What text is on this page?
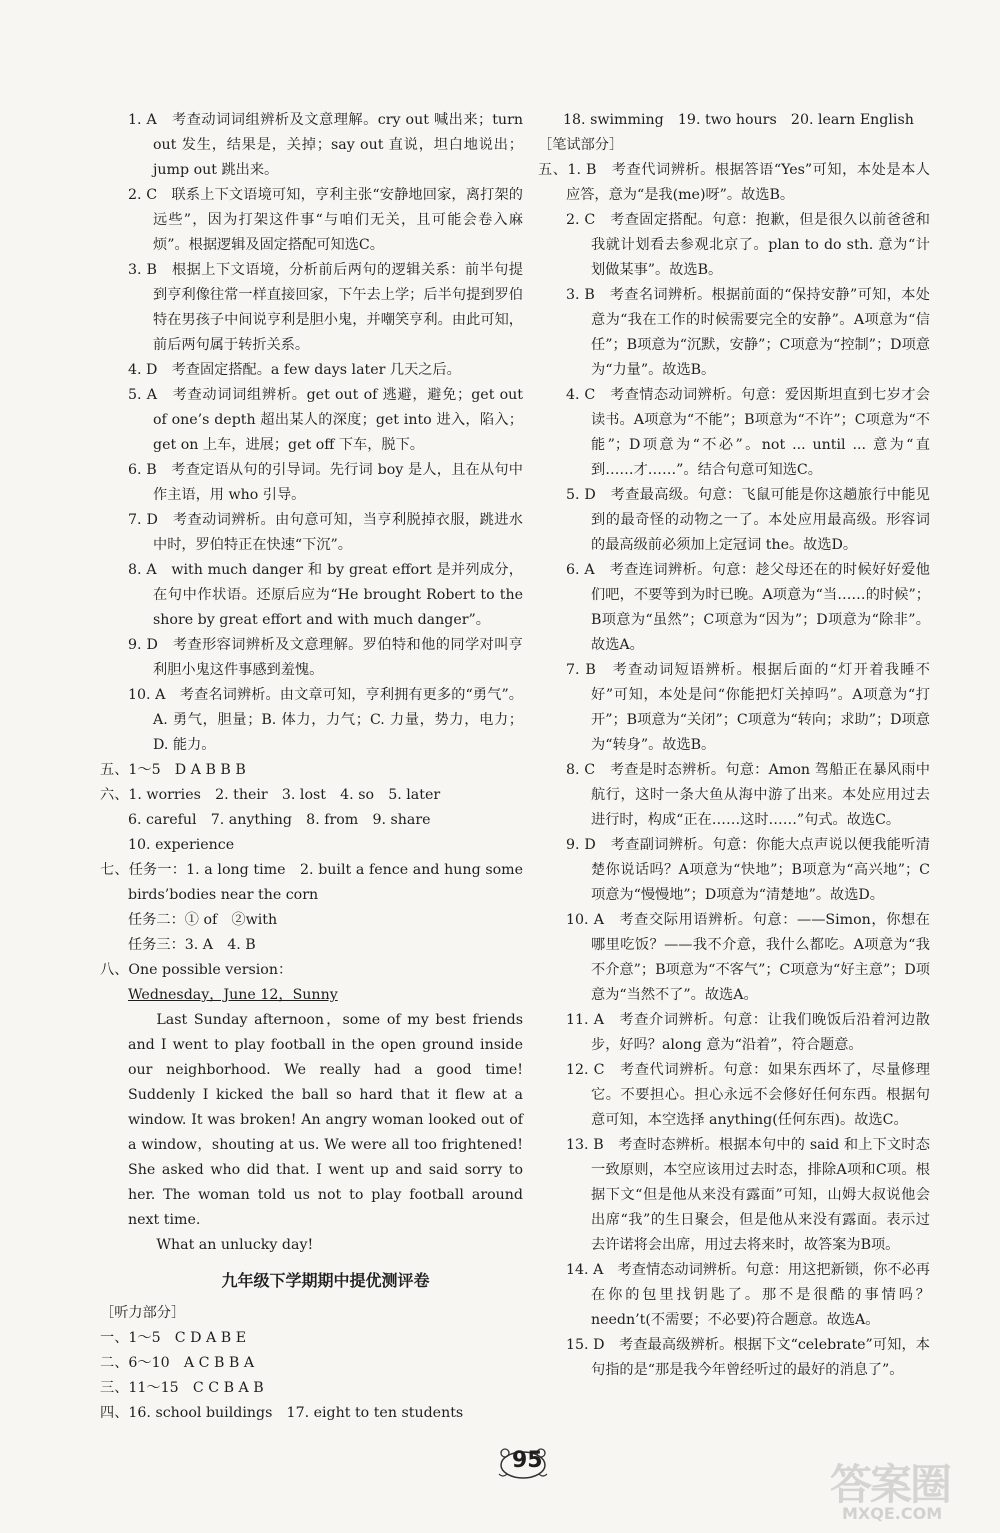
1. A　考查动词词组辨析及文意理解。cry out 喊出来；turn out 发生，结果是，关掉；say out 直说，坦白地说出；jump out 跳出来。

2. C　联系上下文语境可知，亨利主张“安静地回家，离打架的远些”，因为打架这件事“与咱们无关，且可能会卷入麻烦”。根据逻辑及固定搭配可知选C。

3. B　根据上下文语境，分析前后两句的逻辑关系：前半句提到亨利像往常一样直接回家，下午去上学；后半句提到罗伯特在男孩子中间说亨利是胆小鬼，并嘲笑亨利。由此可知，前后两句属于转折关系。

4. D　考查固定搭配。a few days later 几天之后。

5. A　考查动词词组辨析。get out of 逃避，避免；get out of one’s depth 超出某人的深度；get into 进入，陷入；get on 上车，进展；get off 下车，脱下。

6. B　考查定语从句的引导词。先行词 boy 是人，且在从句中作主语，用 who 引导。

7. D　考查动词辨析。由句意可知，当亨利脱掉衣服，跳进水中时，罗伯特正在快速“下沉”。

8. A　with much danger 和 by great effort 是并列成分，在句中作状语。还原后应为“He brought Robert to the shore by great effort and with much danger”。

9. D　考查形容词辨析及文意理解。罗伯特和他的同学对叫亨利胆小鬼这件事感到羞愧。

10. A　考查名词辨析。由文章可知，亨利拥有更多的“勇气”。A. 勇气，胆量；B. 体力，力气；C. 力量，势力，电力；D. 能力。

五、1～5　D A B B B

六、1. worries　2. their　3. lost　4. so　5. later

6. careful　7. anything　8. from　9. share

10. experience

七、任务一：1. a long time　2. built a fence and hung some birds’bodies near the corn

任务二：① of　②with

任务三：3. A　4. B

八、One possible version：

Wednesday，June 12，Sunny

Last Sunday afternoon，some of my best friends and I went to play football in the open ground inside our neighborhood. We really had a good time! Suddenly I kicked the ball so hard that it flew at a window. It was broken! An angry woman looked out of a window，shouting at us. We were all too frightened! She asked who did that. I went up and said sorry to her. The woman told us not to play football around next time.

What an unlucky day!

九年级下学期期中提优测评卷

［听力部分］

一、1～5　C D A B E

二、6～10　A C B B A

三、11～15　C C B A B

四、16. school buildings　17. eight to ten students

18. swimming　19. two hours　20. learn English

［笔试部分］

五、1. B　考查代词辨析。根据答语“Yes”可知，本处是本人应答，意为“是我(me)呀”。故选B。

2. C　考查固定搭配。句意：抱歉，但是很久以前爸爸和我就计划看去参观北京了。plan to do sth. 意为“计划做某事”。故选B。

3. B　考查名词辨析。根据前面的“保持安静”可知，本处意为“我在工作的时候需要完全的安静”。A项意为“信任”；B项意为“沉默，安静”；C项意为“控制”；D项意为“力量”。故选B。

4. C　考查情态动词辨析。句意：爱因斯坦直到七岁才会读书。A项意为“不能”；B项意为“不许”；C项意为“不能”；D项意为“不必”。not ... until ... 意为“直到……才……”。结合句意可知选C。

5. D　考查最高级。句意：飞鼠可能是你这趟旅行中能见到的最奇怪的动物之一了。本处应用最高级。形容词的最高级前必须加上定冠词 the。故选D。

6. A　考查连词辨析。句意：趁父母还在的时候好好爱他们吧，不要等到为时已晚。A项意为“当……的时候”；B项意为“虽然”；C项意为“因为”；D项意为“除非”。故选A。

7. B　考查动词短语辨析。根据后面的“灯开着我睡不好”可知，本处是问“你能把灯关掉吗”。A项意为“打开”；B项意为“关闭”；C项意为“转向；求助”；D项意为“转身”。故选B。

8. C　考查是时态辨析。句意：Amon 驾船正在暴风雨中航行，这时一条大鱼从海中游了出来。本处应用过去进行时，构成“正在……这时……”句式。故选C。

9. D　考查副词辨析。句意：你能大点声说以便我能听清楚你说话吗？A项意为“快地”；B项意为“高兴地”；C项意为“慢慢地”；D项意为“清楚地”。故选D。

10. A　考查交际用语辨析。句意：——Simon，你想在哪里吃饭？——我不介意，我什么都吃。A项意为“我不介意”；B项意为“不客气”；C项意为“好主意”；D项意为“当然不了”。故选A。

11. A　考查介词辨析。句意：让我们晚饭后沿着河边散步，好吗？along 意为“沿着”，符合题意。

12. C　考查代词辨析。句意：如果东西坏了，尽量修理它。不要担心。担心永远不会修好任何东西。根据句意可知，本空选择 anything(任何东西)。故选C。

13. B　考查时态辨析。根据本句中的 said 和上下文时态一致原则，本空应该用过去时态，排除A项和C项。根据下文“但是他从来没有露面”可知，山姆大叔说他会出席“我”的生日聚会，但是他从来没有露面。表示过去许诺将会出席，用过去将来时，故答案为B项。

14. A　考查情态动词辨析。句意：用这把新锁，你不必再在你的包里找钥匙了。那不是很酷的事情吗？needn’t(不需要；不必要)符合题意。故选A。

15. D　考查最高级辨析。根据下文“celebrate”可知，本句指的是“那是我今年曾经听过的最好的消息了”。

95	答案圈
MXQE.COM
